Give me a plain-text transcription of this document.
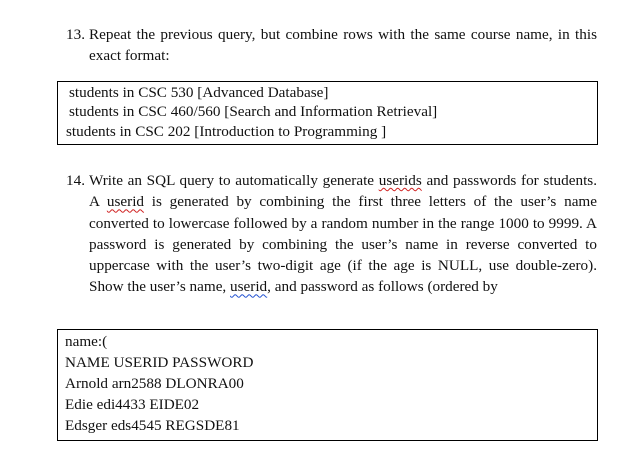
13. Repeat the previous query, but combine rows with the same course name, in this exact format:
students in CSC 530 [Advanced Database]
students in CSC 460/560 [Search and Information Retrieval]
students in CSC 202 [Introduction to Programming ]
14. Write an SQL query to automatically generate userids and passwords for students. A userid is generated by combining the first three letters of the user’s name converted to lowercase followed by a random number in the range 1000 to 9999. A password is generated by combining the user’s name in reverse converted to uppercase with the user’s two-digit age (if the age is NULL, use double-zero). Show the user’s name, userid, and password as follows (ordered by
name:(
NAME USERID PASSWORD
Arnold arn2588 DLONRA00
Edie edi4433 EIDE02
Edsger eds4545 REGSDE81
